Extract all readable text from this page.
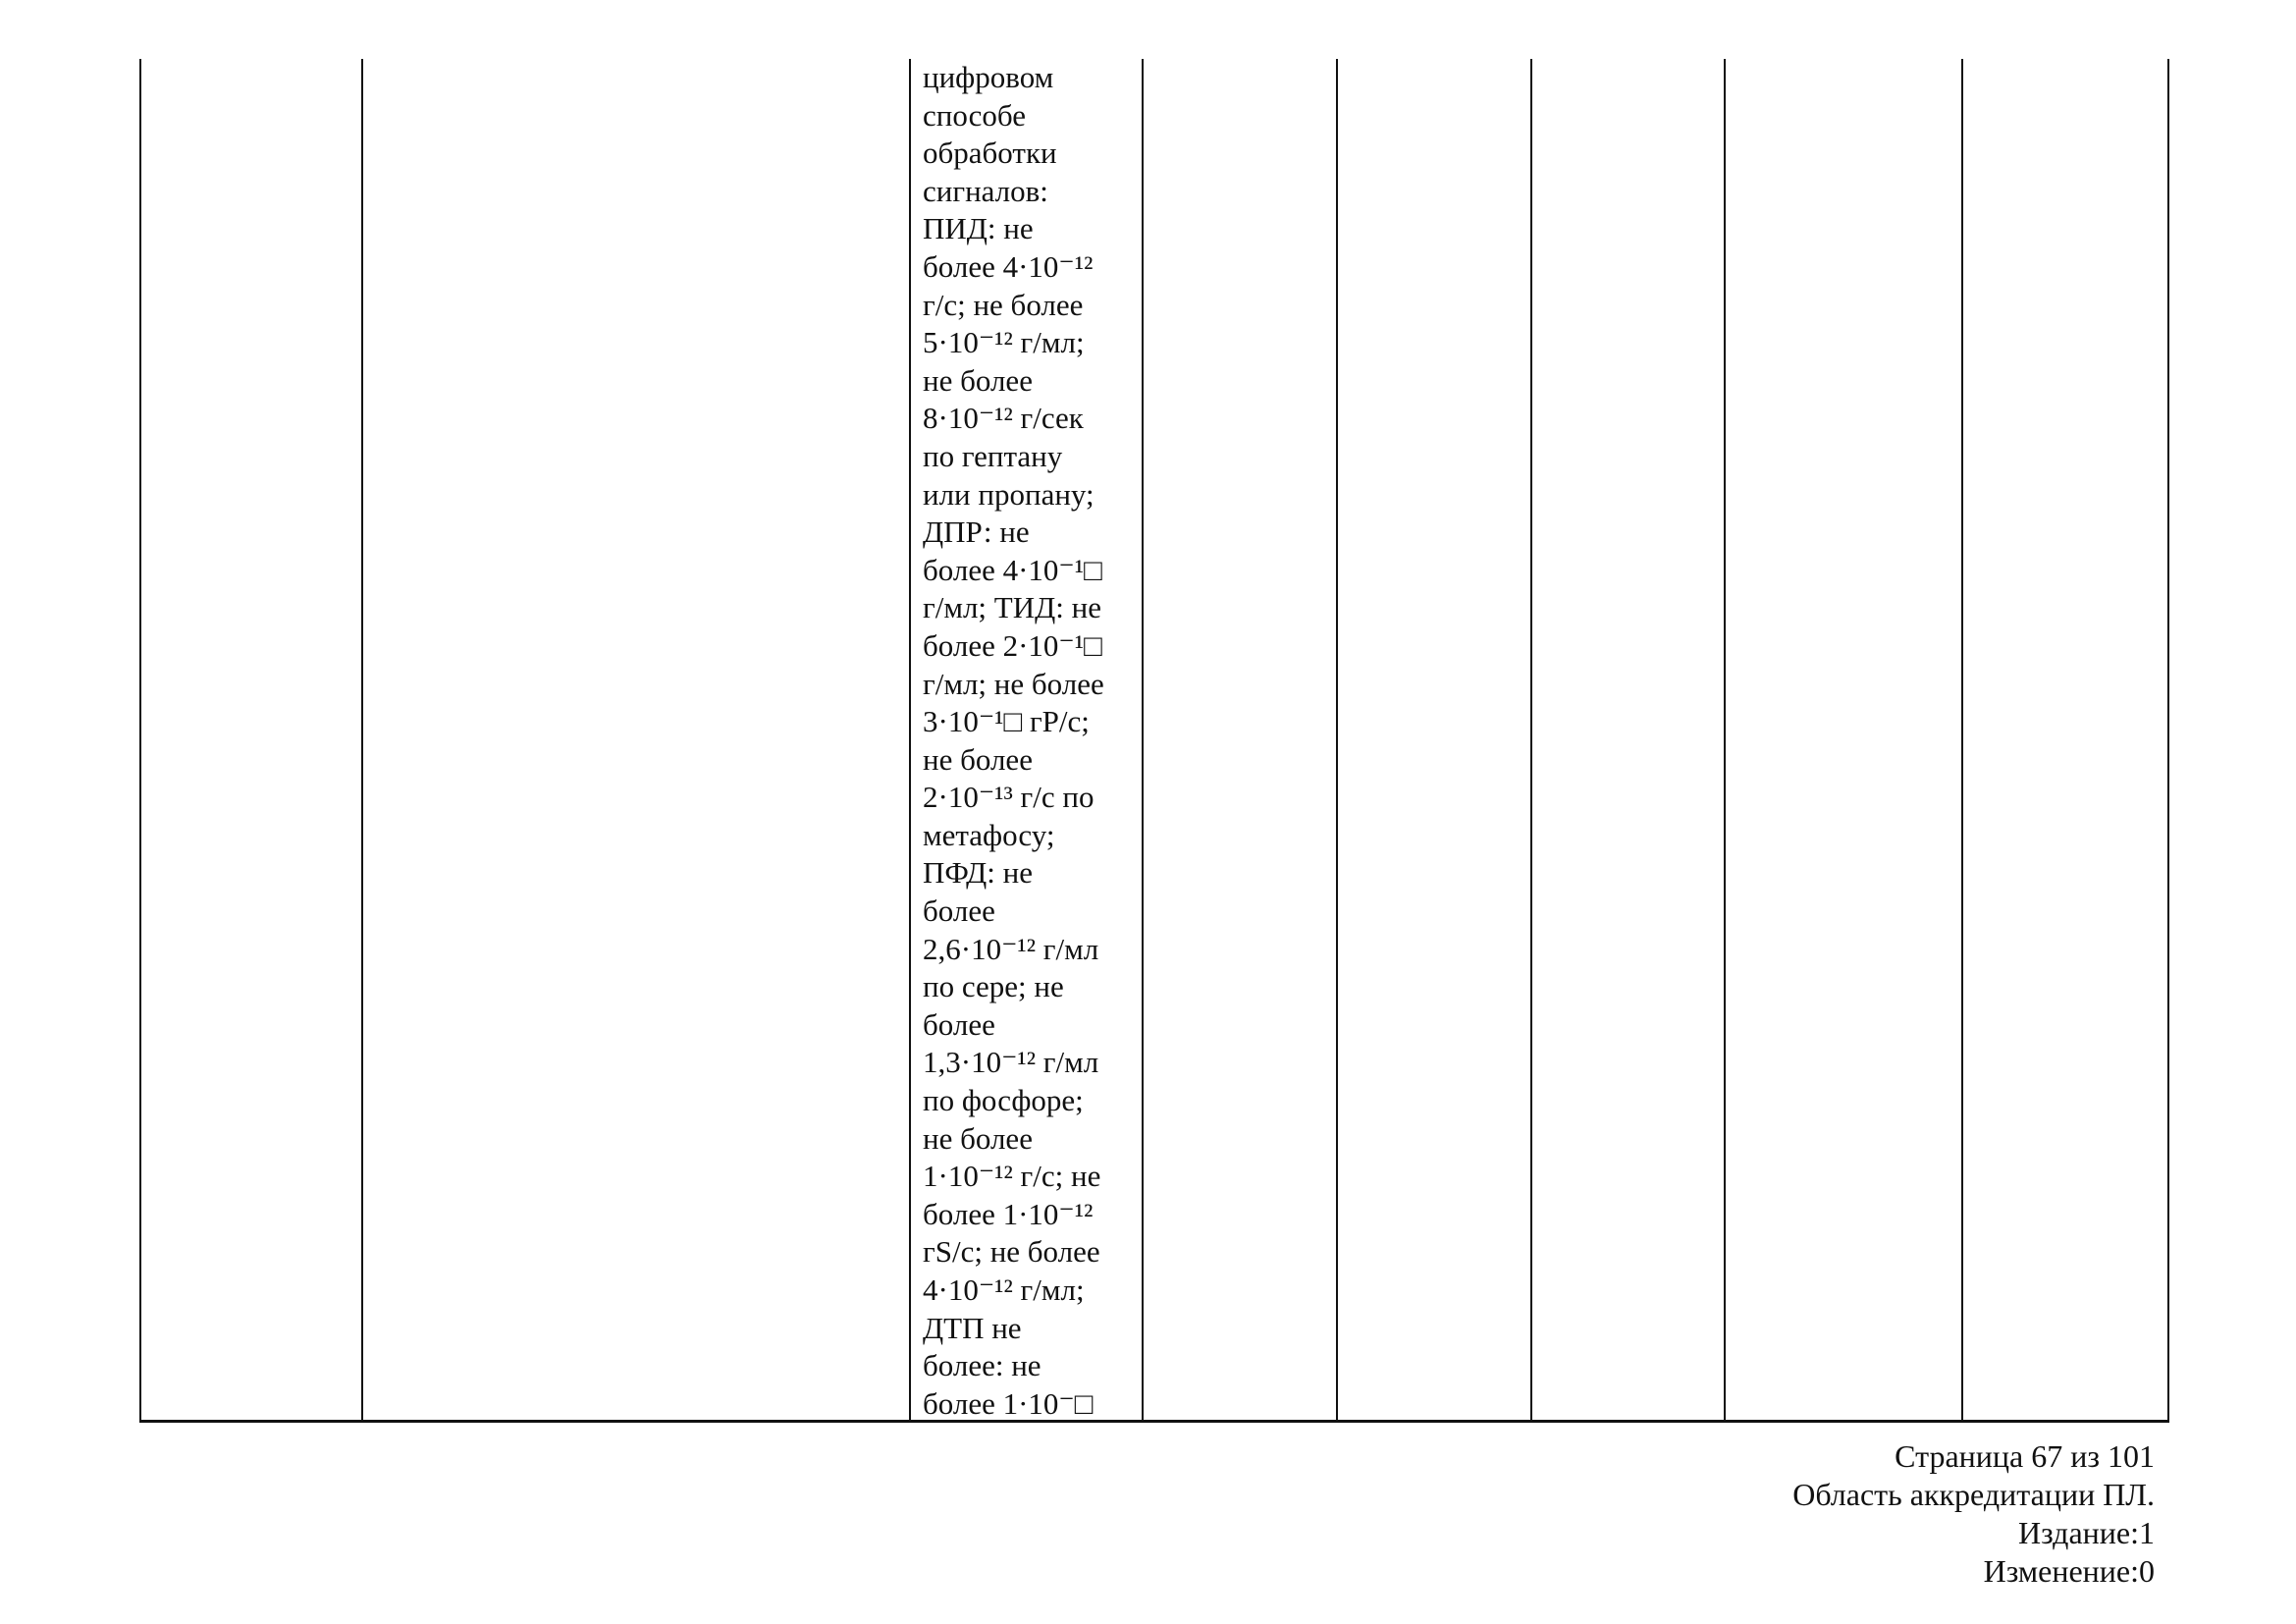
цифровом
способе
обработки
сигналов:
ПИД: не
более 4·10⁻¹²
г/с; не более
5·10⁻¹² г/мл;
не более
8·10⁻¹² г/сек
по гептану
или пропану;
ДПР: не
более 4·10⁻¹□
г/мл; ТИД: не
более 2·10⁻¹□
г/мл; не более
3·10⁻¹□ гР/с;
не более
2·10⁻¹³ г/с по
метафосу;
ПФД: не
более
2,6·10⁻¹² г/мл
по сере; не
более
1,3·10⁻¹² г/мл
по фосфоре;
не более
1·10⁻¹² г/с; не
более 1·10⁻¹²
гS/с; не более
4·10⁻¹² г/мл;
ДТП не
более: не
более 1·10⁻□
Страница 67 из 101
Область аккредитации ПЛ.
Издание:1
Изменение:0
